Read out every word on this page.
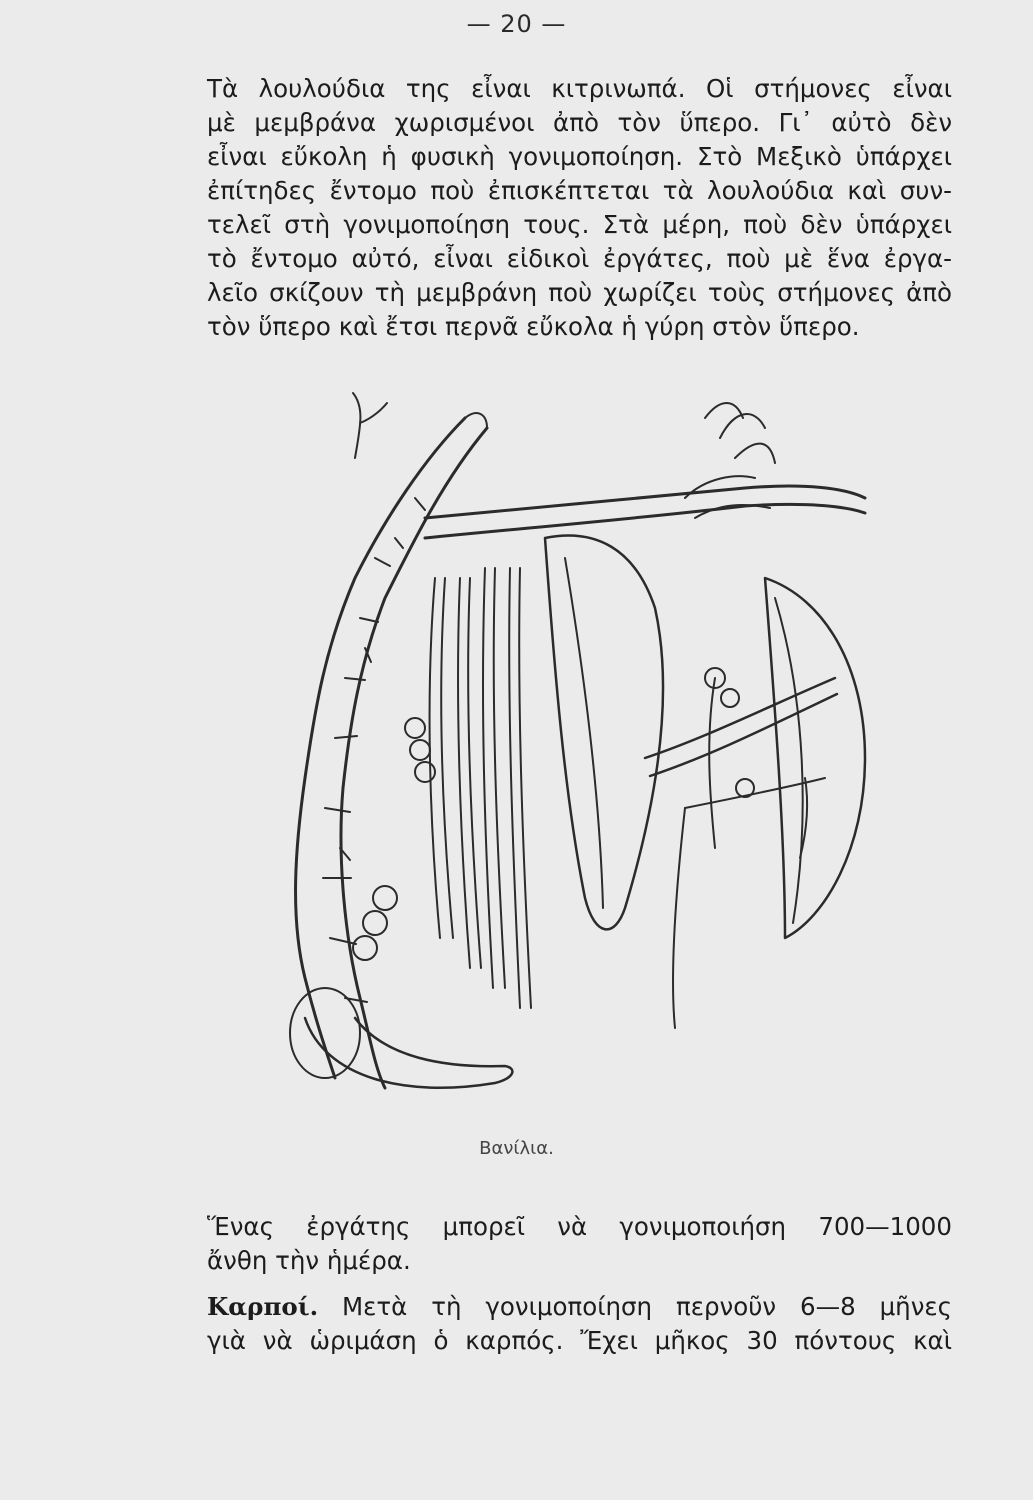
— 20 —
Τὰ λουλούδια της εἶναι κιτρινωπά. Οἱ στήμονες εἶναι
μὲ μεμβράνα χωρισμένοι ἀπὸ τὸν ὕπερο. Γι᾽ αὐτὸ δὲν
εἶναι εὔκολη ἡ φυσικὴ γονιμοποίηση. Στὸ Μεξικὸ ὑπάρχει
ἐπίτηδες ἔντομο ποὺ ἐπισκέπτεται τὰ λουλούδια καὶ συν-
τελεῖ στὴ γονιμοποίηση τους. Στὰ μέρη, ποὺ δὲν ὑπάρχει
τὸ ἔντομο αὐτό, εἶναι εἰδικοὶ ἐργάτες, ποὺ μὲ ἕνα ἐργα-
λεῖο σκίζουν τὴ μεμβράνη ποὺ χωρίζει τοὺς στήμονες ἀπὸ
τὸν ὕπερο καὶ ἔτσι περνᾶ εὔκολα ἡ γύρη στὸν ὕπερο.
Βανίλια.
Ἕνας ἐργάτης μπορεῖ νὰ γονιμοποιήση 700—1000
ἄνθη τὴν ἡμέρα.
Καρποί. Μετὰ τὴ γονιμοποίηση περνοῦν 6—8 μῆνες
γιὰ νὰ ὡριμάση ὁ καρπός. Ἔχει μῆκος 30 πόντους καὶ
